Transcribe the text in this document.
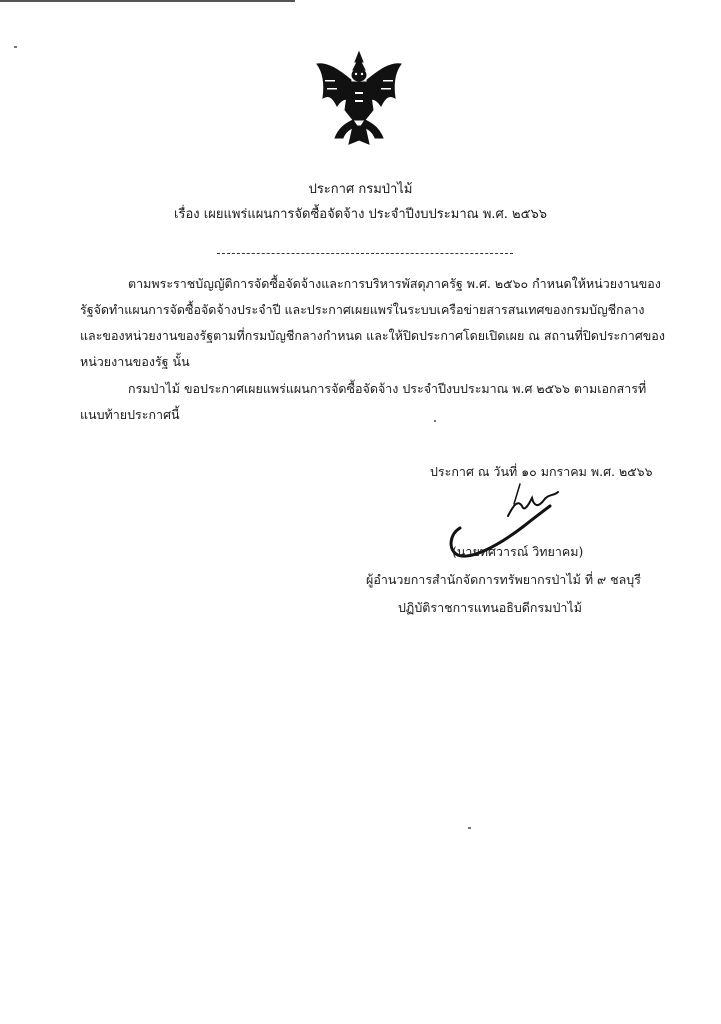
ประกาศ กรมป่าไม้
เรื่อง เผยแพร่แผนการจัดซื้อจัดจ้าง ประจำปีงบประมาณ พ.ศ. ๒๕๖๖
ตามพระราชบัญญัติการจัดซื้อจัดจ้างและการบริหารพัสดุภาครัฐ พ.ศ. ๒๕๖๐ กำหนดให้หน่วยงานของรัฐจัดทำแผนการจัดซื้อจัดจ้างประจำปี และประกาศเผยแพร่ในระบบเครือข่ายสารสนเทศของกรมบัญชีกลางและของหน่วยงานของรัฐตามที่กรมบัญชีกลางกำหนด และให้ปิดประกาศโดยเปิดเผย ณ สถานที่ปิดประกาศของหน่วยงานของรัฐ นั้น
กรมป่าไม้ ขอประกาศเผยแพร่แผนการจัดซื้อจัดจ้าง ประจำปีงบประมาณ พ.ศ ๒๕๖๖ ตามเอกสารที่แนบท้ายประกาศนี้
ประกาศ ณ วันที่ ๑๐ มกราคม พ.ศ. ๒๕๖๖
(นายทศวารณ์ วิทยาคม)
ผู้อำนวยการสำนักจัดการทรัพยากรป่าไม้ ที่ ๙ ชลบุรี
ปฏิบัติราชการแทนอธิบดีกรมป่าไม้
